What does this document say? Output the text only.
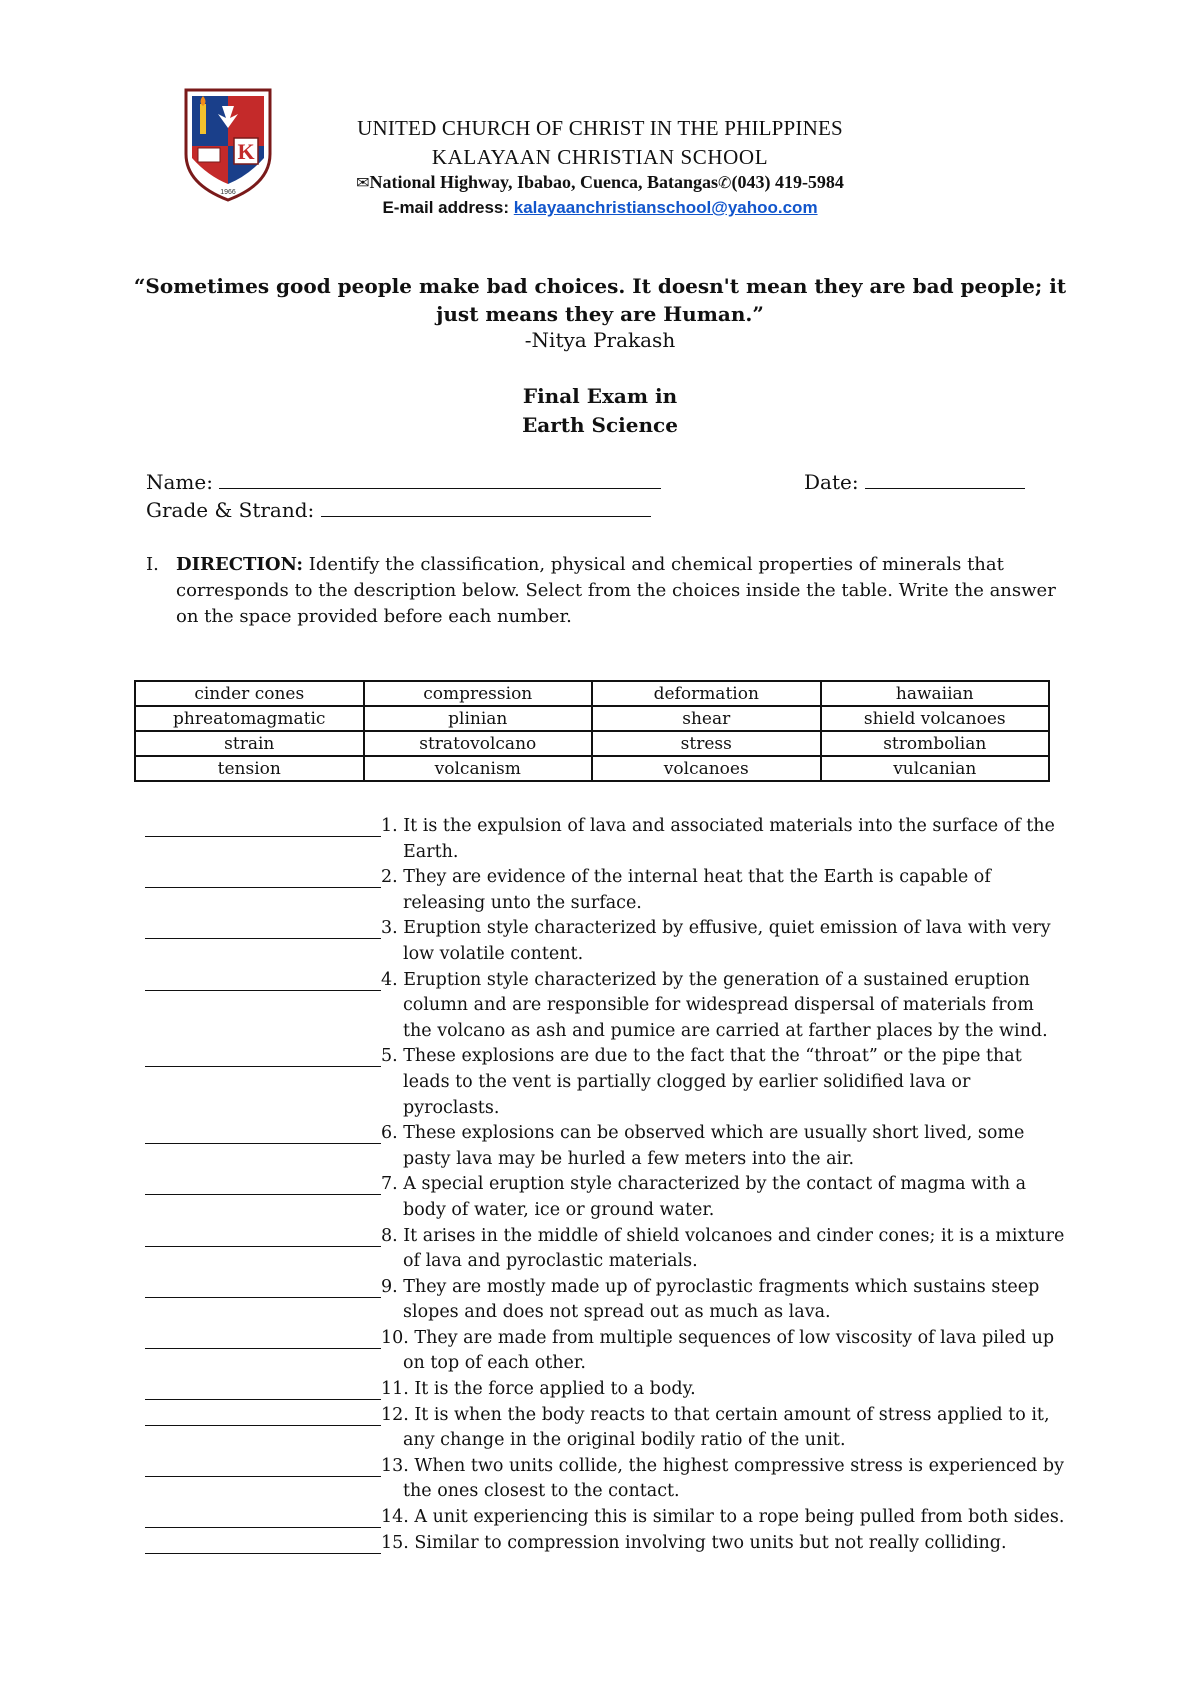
K
1966
UNITED CHURCH OF CHRIST IN THE PHILPPINES
KALAYAAN CHRISTIAN SCHOOL
✉National Highway, Ibabao, Cuenca, Batangas✆(043) 419-5984
E-mail address: kalayaanchristianschool@yahoo.com
“Sometimes good people make bad choices. It doesn't mean they are bad people; it just means they are Human.”
-Nitya Prakash
Final Exam in
Earth Science
Name:	Date:
Grade & Strand:
I. DIRECTION: Identify the classification, physical and chemical properties of minerals that corresponds to the description below. Select from the choices inside the table. Write the answer on the space provided before each number.
cinder cones	compression	deformation	hawaiian
phreatomagmatic	plinian	shear	shield volcanoes
strain	stratovolcano	stress	strombolian
tension	volcanism	volcanoes	vulcanian
1. It is the expulsion of lava and associated materials into the surface of the Earth.
2. They are evidence of the internal heat that the Earth is capable of releasing unto the surface.
3. Eruption style characterized by effusive, quiet emission of lava with very low volatile content.
4. Eruption style characterized by the generation of a sustained eruption column and are responsible for widespread dispersal of materials from the volcano as ash and pumice are carried at farther places by the wind.
5. These explosions are due to the fact that the “throat” or the pipe that leads to the vent is partially clogged by earlier solidified lava or pyroclasts.
6. These explosions can be observed which are usually short lived, some pasty lava may be hurled a few meters into the air.
7. A special eruption style characterized by the contact of magma with a body of water, ice or ground water.
8. It arises in the middle of shield volcanoes and cinder cones; it is a mixture of lava and pyroclastic materials.
9. They are mostly made up of pyroclastic fragments which sustains steep slopes and does not spread out as much as lava.
10. They are made from multiple sequences of low viscosity of lava piled up on top of each other.
11. It is the force applied to a body.
12. It is when the body reacts to that certain amount of stress applied to it, any change in the original bodily ratio of the unit.
13. When two units collide, the highest compressive stress is experienced by the ones closest to the contact.
14. A unit experiencing this is similar to a rope being pulled from both sides.
15. Similar to compression involving two units but not really colliding.
